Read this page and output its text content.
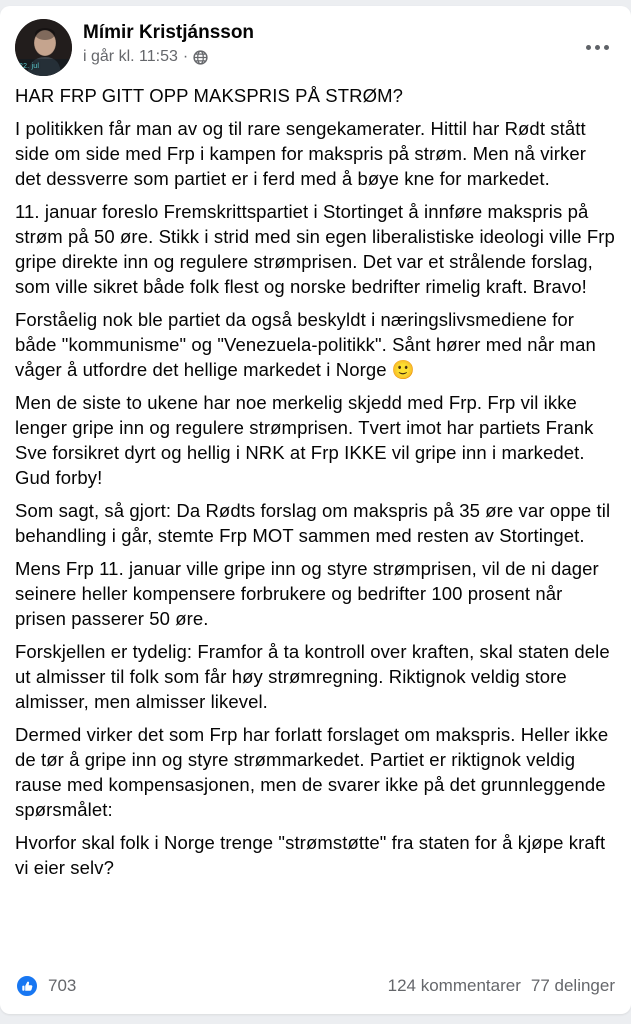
22. jul
Mímir Kristjánsson
i går kl. 11:53 ·

HAR FRP GITT OPP MAKSPRIS PÅ STRØM?

I politikken får man av og til rare sengekamerater. Hittil har Rødt stått side om side med Frp i kampen for makspris på strøm. Men nå virker det dessverre som partiet er i ferd med å bøye kne for markedet.

11. januar foreslo Fremskrittspartiet i Stortinget å innføre makspris på strøm på 50 øre. Stikk i strid med sin egen liberalistiske ideologi ville Frp gripe direkte inn og regulere strømprisen. Det var et strålende forslag, som ville sikret både folk flest og norske bedrifter rimelig kraft. Bravo!

Forståelig nok ble partiet da også beskyldt i næringslivsmediene for både "kommunisme" og "Venezuela-politikk". Sånt hører med når man våger å utfordre det hellige markedet i Norge 🙂

Men de siste to ukene har noe merkelig skjedd med Frp. Frp vil ikke lenger gripe inn og regulere strømprisen. Tvert imot har partiets Frank Sve forsikret dyrt og hellig i NRK at Frp IKKE vil gripe inn i markedet. Gud forby!

Som sagt, så gjort: Da Rødts forslag om makspris på 35 øre var oppe til behandling i går, stemte Frp MOT sammen med resten av Stortinget.

Mens Frp 11. januar ville gripe inn og styre strømprisen, vil de ni dager seinere heller kompensere forbrukere og bedrifter 100 prosent når prisen passerer 50 øre.

Forskjellen er tydelig: Framfor å ta kontroll over kraften, skal staten dele ut almisser til folk som får høy strømregning. Riktignok veldig store almisser, men almisser likevel.

Dermed virker det som Frp har forlatt forslaget om makspris. Heller ikke de tør å gripe inn og styre strømmarkedet. Partiet er riktignok veldig rause med kompensasjonen, men de svarer ikke på det grunnleggende spørsmålet:

Hvorfor skal folk i Norge trenge "strømstøtte" fra staten for å kjøpe kraft vi eier selv?

703	124 kommentarer 77 delinger
